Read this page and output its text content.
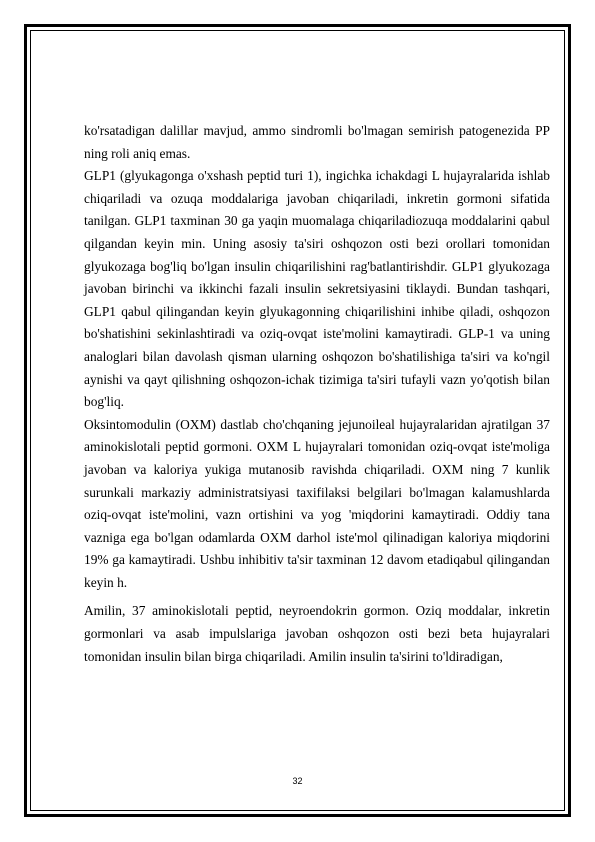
ko'rsatadigan dalillar mavjud, ammo sindromli bo'lmagan semirish patogenezida PP ning roli aniq emas.

GLP1 (glyukagonga o'xshash peptid turi 1), ingichka ichakdagi L hujayralarida ishlab chiqariladi va ozuqa moddalariga javoban chiqariladi, inkretin gormoni sifatida tanilgan. GLP1 taxminan 30 ga yaqin muomalaga chiqariladiozuqa moddalarini qabul qilgandan keyin min. Uning asosiy ta'siri oshqozon osti bezi orollari tomonidan glyukozaga bog'liq bo'lgan insulin chiqarilishini rag'batlantirishdir. GLP1 glyukozaga javoban birinchi va ikkinchi fazali insulin sekretsiyasini tiklaydi. Bundan tashqari, GLP1 qabul qilingandan keyin glyukagonning chiqarilishini inhibe qiladi, oshqozon bo'shatishini sekinlashtiradi va oziq-ovqat iste'molini kamaytiradi. GLP-1 va uning analoglari bilan davolash qisman ularning oshqozon bo'shatilishiga ta'siri va ko'ngil aynishi va qayt qilishning oshqozon-ichak tizimiga ta'siri tufayli vazn yo'qotish bilan bog'liq.

Oksintomodulin (OXM) dastlab cho'chqaning jejunoileal hujayralaridan ajratilgan 37 aminokislotali peptid gormoni. OXM L hujayralari tomonidan oziq-ovqat iste'moliga javoban va kaloriya yukiga mutanosib ravishda chiqariladi. OXM ning 7 kunlik surunkali markaziy administratsiyasi taxifilaksi belgilari bo'lmagan kalamushlarda oziq-ovqat iste'molini, vazn ortishini va yog 'miqdorini kamaytiradi. Oddiy tana vazniga ega bo'lgan odamlarda OXM darhol iste'mol qilinadigan kaloriya miqdorini 19% ga kamaytiradi. Ushbu inhibitiv ta'sir taxminan 12 davom etadiqabul qilingandan keyin h.

Amilin, 37 aminokislotali peptid, neyroendokrin gormon. Oziq moddalar, inkretin gormonlari va asab impulslariga javoban oshqozon osti bezi beta hujayralari tomonidan insulin bilan birga chiqariladi. Amilin insulin ta'sirini to'ldiradigan,

32
